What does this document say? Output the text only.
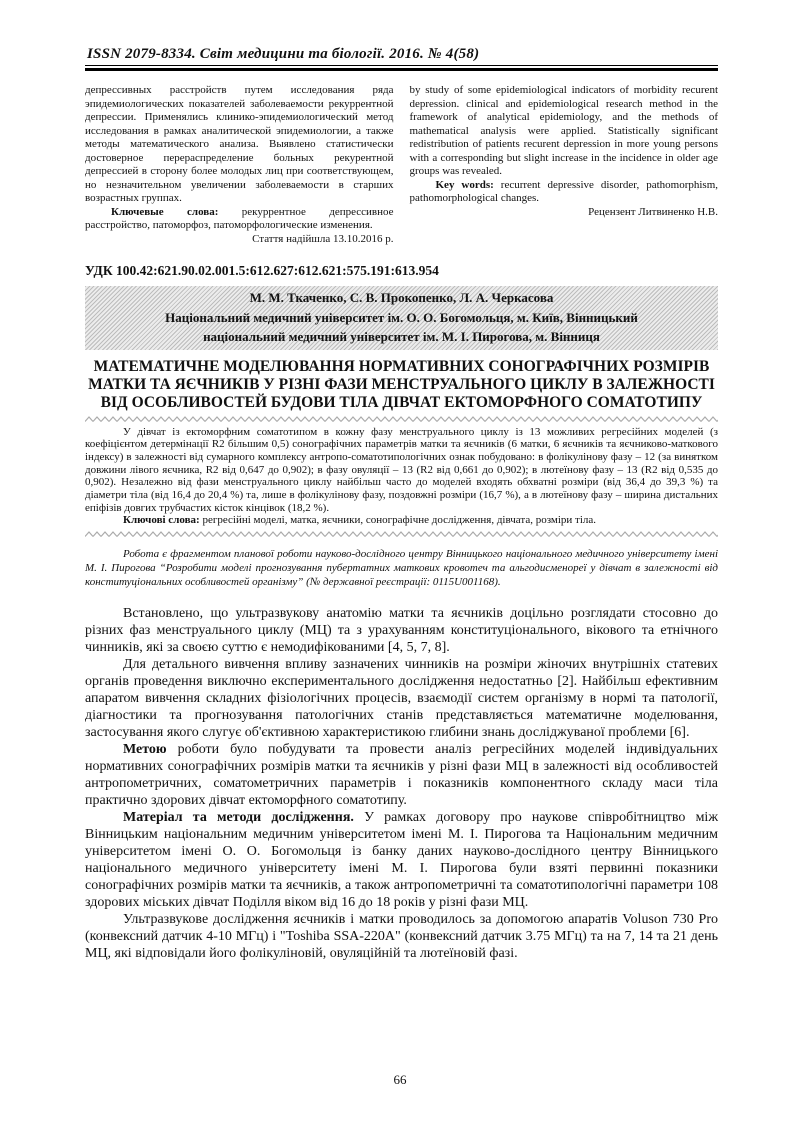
ISSN 2079-8334. Світ медицини та біології. 2016. № 4(58)

депрессивных расстройств путем исследования ряда эпидемиологических показателей заболеваемости рекуррентной депрессии. Применялись клинико-эпидемиологический метод исследования в рамках аналитической эпидемиологии, а также методы математического анализа. Выявлено статистически достоверное перераспределение больных рекурентной депрессией в сторону более молодых лиц при соответствующем, но незначительном увеличении заболеваемости в старших возрастных группах.

Ключевые слова: рекуррентное депрессивное расстройство, патоморфоз, патоморфологические изменения.

Стаття надійшла 13.10.2016 р.

by study of some epidemiological indicators of morbidity recurent depression. clinical and epidemiological research method in the framework of analytical epidemiology, and the methods of mathematical analysis were applied. Statistically significant redistribution of patients recurent depression in more young persons with a corresponding but slight increase in the incidence in older age groups was revealed.

Key words: recurrent depressive disorder, pathomorphism, pathomorphological changes.

Рецензент Литвиненко Н.В.

УДК 100.42:621.90.02.001.5:612.627:612.621:575.191:613.954

М. М. Ткаченко, С. В. Прокопенко, Л. А. Черкасова
Національний медичний університет ім. О. О. Богомольця, м. Київ, Вінницький
національний медичний університет ім. М. І. Пирогова, м. Вінниця
МАТЕМАТИЧНЕ МОДЕЛЮВАННЯ НОРМАТИВНИХ СОНОГРАФІЧНИХ РОЗМІРІВ МАТКИ ТА ЯЄЧНИКІВ У РІЗНІ ФАЗИ МЕНСТРУАЛЬНОГО ЦИКЛУ В ЗАЛЕЖНОСТІ ВІД ОСОБЛИВОСТЕЙ БУДОВИ ТІЛА ДІВЧАТ ЕКТОМОРФНОГО СОМАТОТИПУ

У дівчат із ектоморфним соматотипом в кожну фазу менструального циклу із 13 можливих регресійних моделей (з коефіцієнтом детермінації R2 більшим 0,5) сонографічних параметрів матки та яєчників (6 матки, 6 яєчників та яєчниково-маткового індексу) в залежності від сумарного комплексу антропо-соматотипологічних ознак побудовано: в фолікулінову фазу – 12 (за винятком довжини лівого яєчника, R2 від 0,647 до 0,902); в фазу овуляції – 13 (R2 від 0,661 до 0,902); в лютеїнову фазу – 13 (R2 від 0,535 до 0,902). Незалежно від фази менструального циклу найбільш часто до моделей входять обхватні розміри (від 36,4 до 39,3 %) та діаметри тіла (від 16,4 до 20,4 %) та, лише в фолікулінову фазу, поздовжні розміри (16,7 %), а в лютеїнову фазу – ширина дистальних епіфізів довгих трубчастих кісток кінцівок (18,2 %).

Ключові слова: регресійні моделі, матка, яєчники, сонографічне дослідження, дівчата, розміри тіла.

Робота є фрагментом планової роботи науково-дослідного центру Вінницького національного медичного університету імені М. І. Пирогова “Розробити моделі прогнозування пубертатних маткових кровотеч та альгодисменореї у дівчат в залежності від конституціональних особливостей організму” (№ державної реєстрації: 0115U001168).

Встановлено, що ультразвукову анатомію матки та яєчників доцільно розглядати стосовно до різних фаз менструального циклу (МЦ) та з урахуванням конституціонального, вікового та етнічного чинників, які за своєю суттю є немодифікованими [4, 5, 7, 8].

Для детального вивчення впливу зазначених чинників на розміри жіночих внутрішніх статевих органів проведення виключно експериментального дослідження недостатньо [2]. Найбільш ефективним апаратом вивчення складних фізіологічних процесів, взаємодії систем організму в нормі та патології, діагностики та прогнозування патологічних станів представляється математичне моделювання, застосування якого слугує об'єктивною характеристикою глибини знань досліджуваної проблеми [6].

Метою роботи було побудувати та провести аналіз регресійних моделей індивідуальних нормативних сонографічних розмірів матки та яєчників у різні фази МЦ в залежності від особливостей антропометричних, соматометричних параметрів і показників компонентного складу маси тіла практично здорових дівчат ектоморфного соматотипу.

Матеріал та методи дослідження. У рамках договору про наукове співробітництво між Вінницьким національним медичним університетом імені М. І. Пирогова та Національним медичним університетом імені О. О. Богомольця із банку даних науково-дослідного центру Вінницького національного медичного університету імені М. І. Пирогова були взяті первинні показники сонографічних розмірів матки та яєчників, а також антропометричні та соматотипологічні параметри 108 здорових міських дівчат Поділля віком від 16 до 18 років у різні фази МЦ.

Ультразвукове дослідження яєчників і матки проводилось за допомогою апаратів Voluson 730 Pro (конвексний датчик 4-10 МГц) і "Toshiba SSA-220A" (конвексний датчик 3.75 МГц) та на 7, 14 та 21 день МЦ, які відповідали його фолікуліновій, овуляційній та лютеїновій фазі.

66
